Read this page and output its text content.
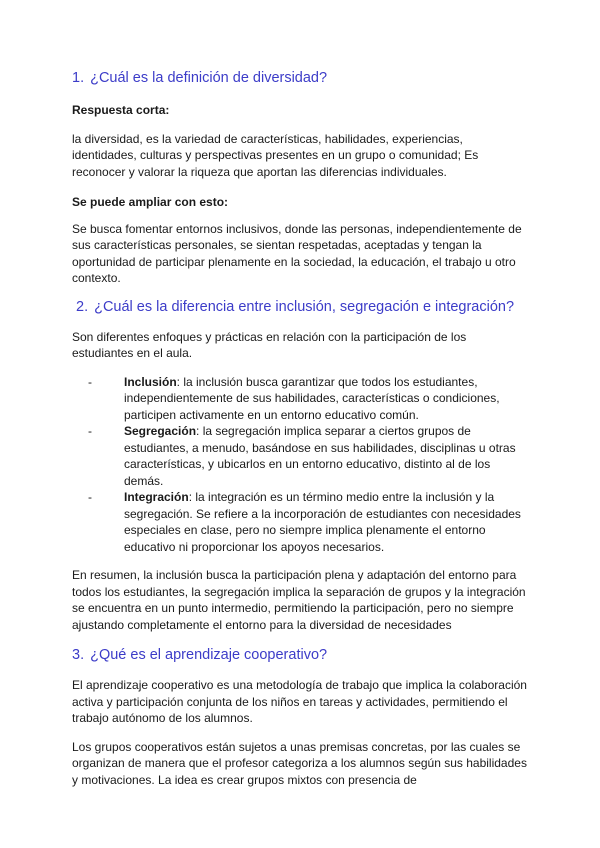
1. ¿Cuál es la definición de diversidad?

Respuesta corta:

la diversidad, es la variedad de características, habilidades, experiencias, identidades, culturas y perspectivas presentes en un grupo o comunidad; Es reconocer y valorar la riqueza que aportan las diferencias individuales.

Se puede ampliar con esto:

Se busca fomentar entornos inclusivos, donde las personas, independientemente de sus características personales, se sientan respetadas, aceptadas y tengan la oportunidad de participar plenamente en la sociedad, la educación, el trabajo u otro contexto.

2. ¿Cuál es la diferencia entre inclusión, segregación e integración?

Son diferentes enfoques y prácticas en relación con la participación de los estudiantes en el aula.

-	Inclusión: la inclusión busca garantizar que todos los estudiantes, independientemente de sus habilidades, características o condiciones, participen activamente en un entorno educativo común.
-	Segregación: la segregación implica separar a ciertos grupos de estudiantes, a menudo, basándose en sus habilidades, disciplinas u otras características, y ubicarlos en un entorno educativo, distinto al de los demás.
-	Integración: la integración es un término medio entre la inclusión y la segregación. Se refiere a la incorporación de estudiantes con necesidades especiales en clase, pero no siempre implica plenamente el entorno educativo ni proporcionar los apoyos necesarios.

En resumen, la inclusión busca la participación plena y adaptación del entorno para todos los estudiantes, la segregación implica la separación de grupos y la integración se encuentra en un punto intermedio, permitiendo la participación, pero no siempre ajustando completamente el entorno para la diversidad de necesidades

3. ¿Qué es el aprendizaje cooperativo?

El aprendizaje cooperativo es una metodología de trabajo que implica la colaboración activa y participación conjunta de los niños en tareas y actividades, permitiendo el trabajo autónomo de los alumnos.

Los grupos cooperativos están sujetos a unas premisas concretas, por las cuales se organizan de manera que el profesor categoriza a los alumnos según sus habilidades y motivaciones. La idea es crear grupos mixtos con presencia de
